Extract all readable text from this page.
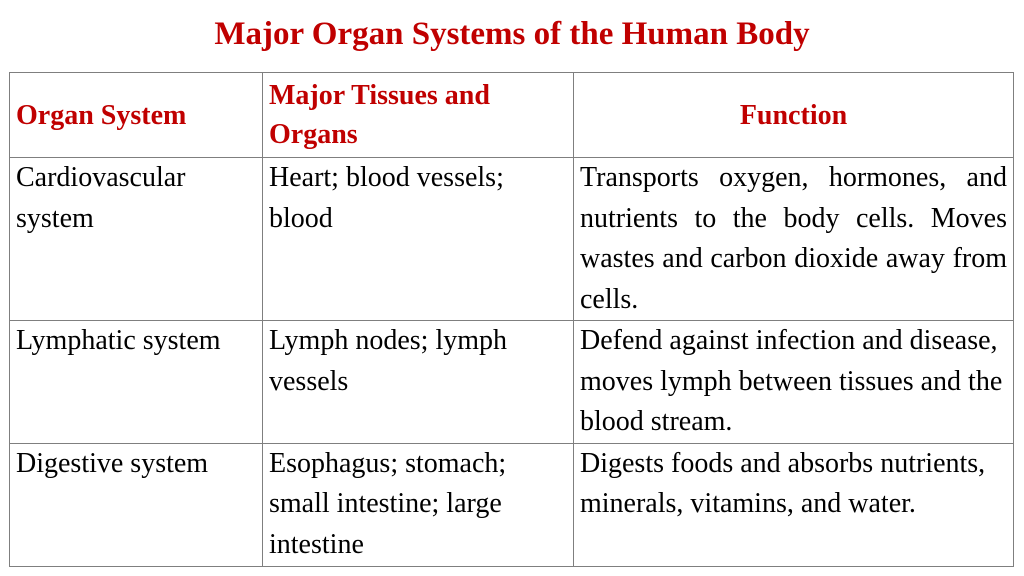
Major Organ Systems of the Human Body
Organ System	Major Tissues and Organs	Function
Cardiovascular system	Heart; blood vessels; blood	Transports oxygen, hormones, and nutrients to the body cells. Moves wastes and carbon dioxide away from cells.
Lymphatic system	Lymph nodes; lymph vessels	Defend against infection and disease, moves lymph between tissues and the blood stream.
Digestive system	Esophagus; stomach; small intestine; large intestine	Digests foods and absorbs nutrients, minerals, vitamins, and water.
